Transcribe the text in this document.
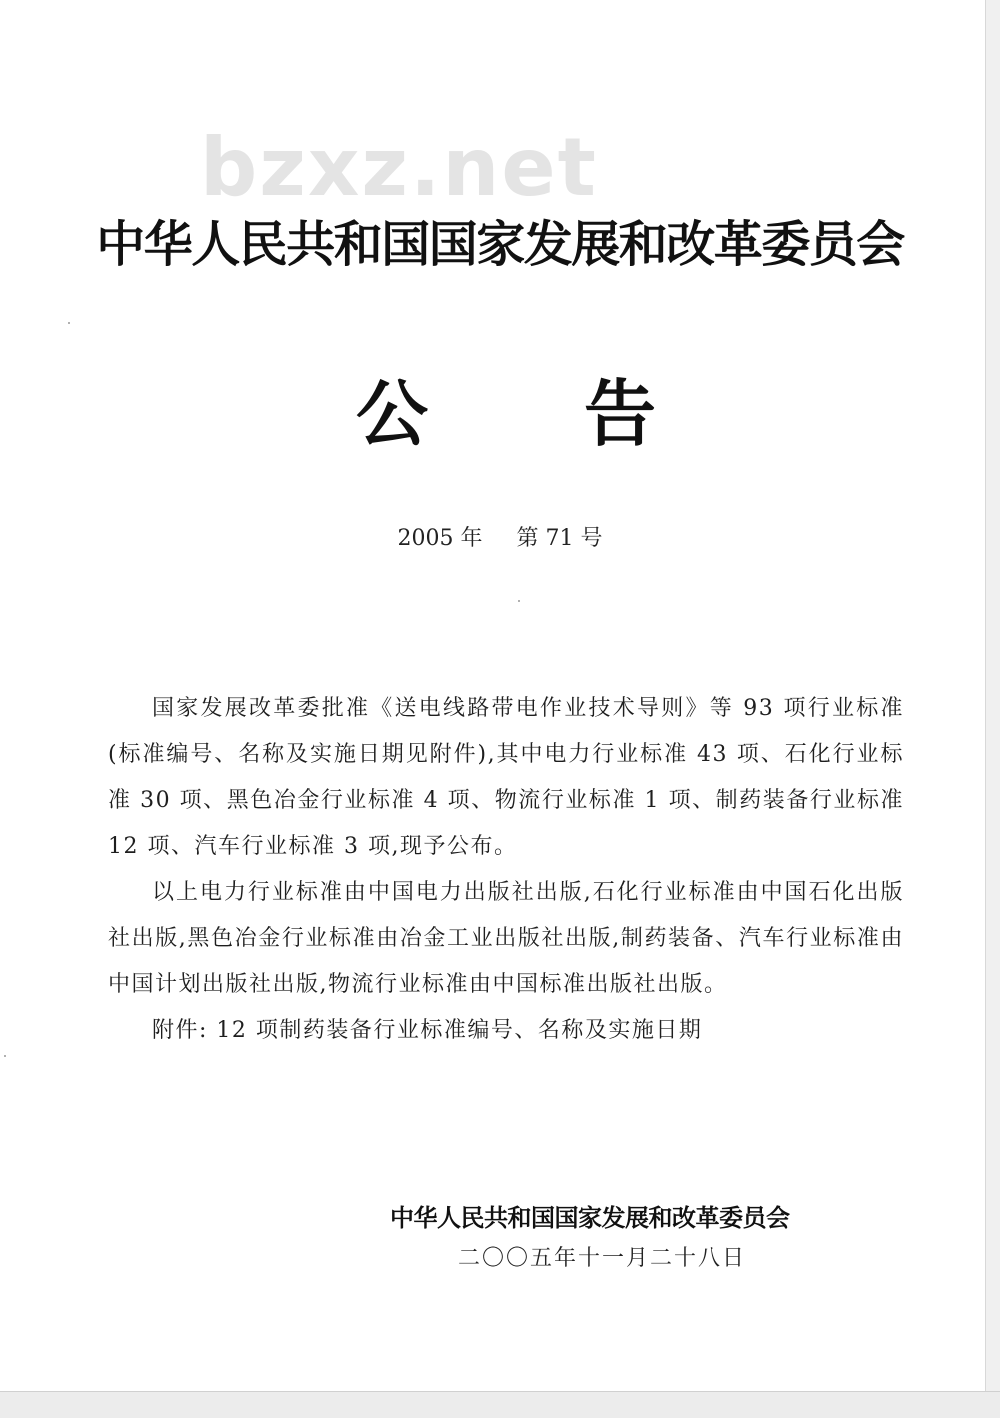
bzxz.net
中华人民共和国国家发展和改革委员会
公 告
2005 年 第 71 号

国家发展改革委批准《送电线路带电作业技术导则》等 93 项行业标准(标准编号、名称及实施日期见附件),其中电力行业标准 43 项、石化行业标准 30 项、黑色冶金行业标准 4 项、物流行业标准 1 项、制药装备行业标准 12 项、汽车行业标准 3 项,现予公布。

以上电力行业标准由中国电力出版社出版,石化行业标准由中国石化出版社出版,黑色冶金行业标准由冶金工业出版社出版,制药装备、汽车行业标准由中国计划出版社出版,物流行业标准由中国标准出版社出版。

附件: 12 项制药装备行业标准编号、名称及实施日期

中华人民共和国国家发展和改革委员会
二〇〇五年十一月二十八日
